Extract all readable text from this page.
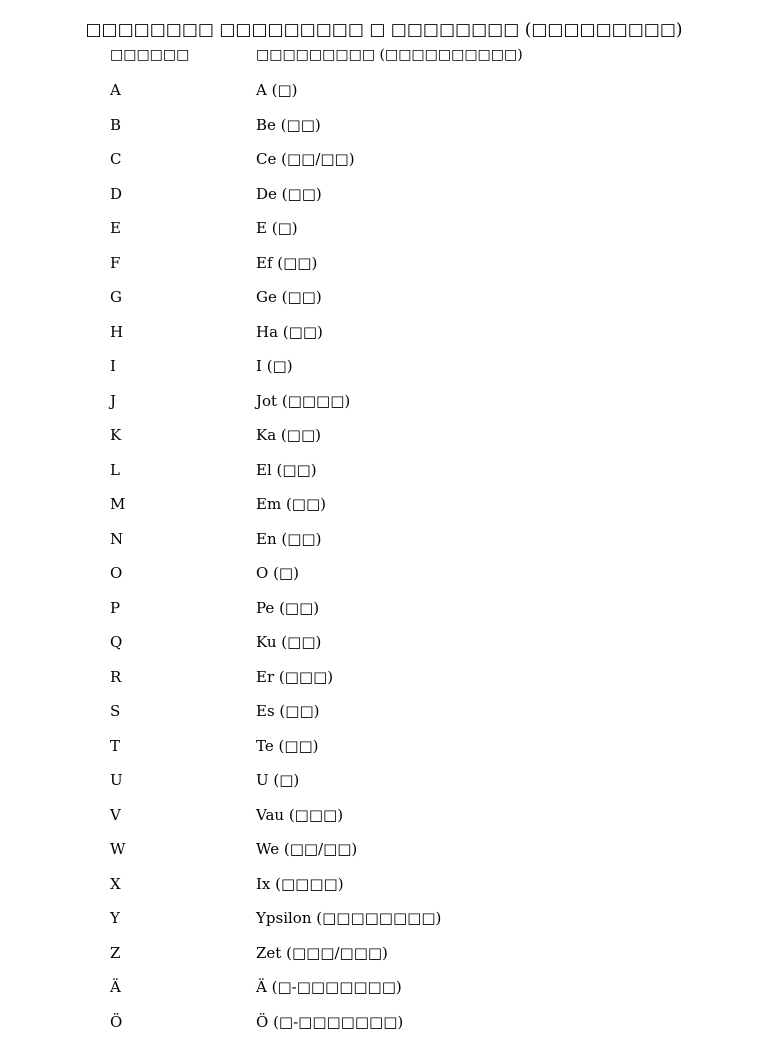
□□□□□□□□ □□□□□□□□□ □ □□□□□□□□ (□□□□□□□□□)
□□□□□□	□□□□□□□□□ (□□□□□□□□□□)
A	A (□)
B	Be (□□)
C	Ce (□□/□□)
D	De (□□)
E	E (□)
F	Ef (□□)
G	Ge (□□)
H	Ha (□□)
I	I (□)
J	Jot (□□□□)
K	Ka (□□)
L	El (□□)
M	Em (□□)
N	En (□□)
O	O (□)
P	Pe (□□)
Q	Ku (□□)
R	Er (□□□)
S	Es (□□)
T	Te (□□)
U	U (□)
V	Vau (□□□)
W	We (□□/□□)
X	Ix (□□□□)
Y	Ypsilon (□□□□□□□□)
Z	Zet (□□□/□□□)
Ä	Ä (□-□□□□□□□)
Ö	Ö (□-□□□□□□□)
